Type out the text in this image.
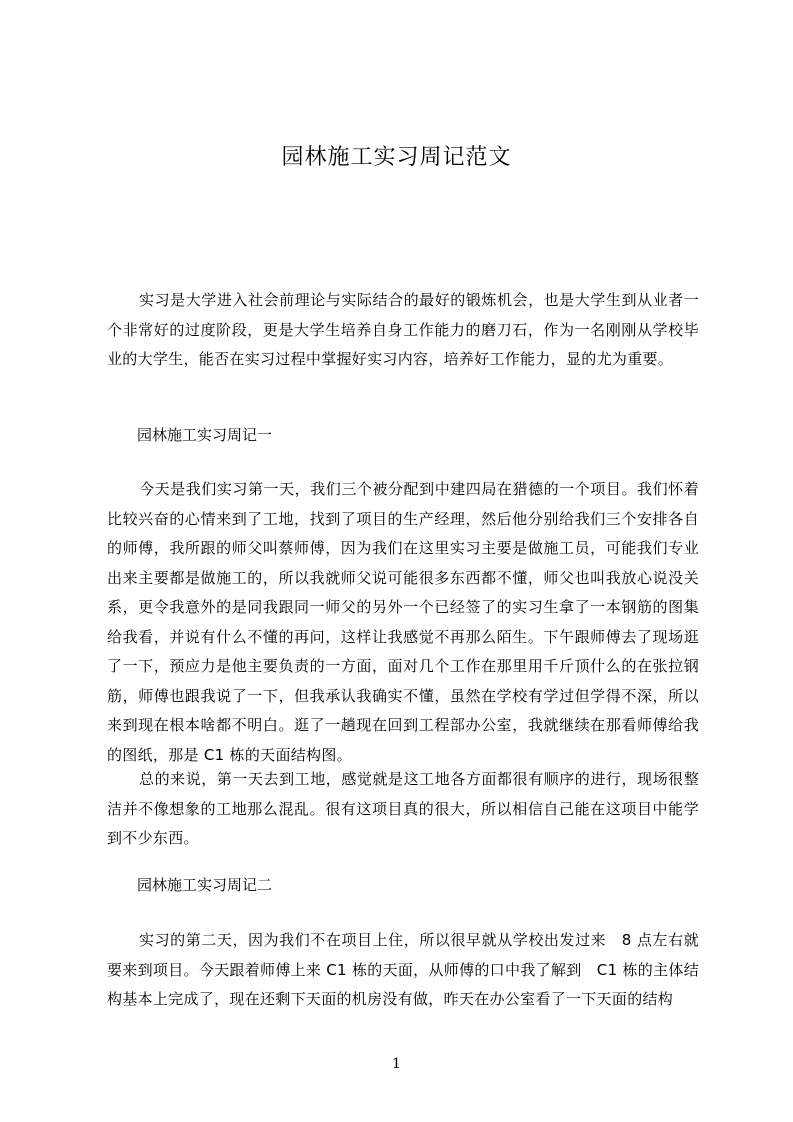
园林施工实习周记范文

实习是大学进入社会前理论与实际结合的最好的锻炼机会，也是大学生到从业者一个非常好的过度阶段，更是大学生培养自身工作能力的磨刀石，作为一名刚刚从学校毕业的大学生，能否在实习过程中掌握好实习内容，培养好工作能力，显的尤为重要。

园林施工实习周记一

今天是我们实习第一天，我们三个被分配到中建四局在猎德的一个项目。我们怀着比较兴奋的心情来到了工地，找到了项目的生产经理，然后他分别给我们三个安排各自的师傅，我所跟的师父叫蔡师傅，因为我们在这里实习主要是做施工员，可能我们专业出来主要都是做施工的，所以我就师父说可能很多东西都不懂，师父也叫我放心说没关系，更令我意外的是同我跟同一师父的另外一个已经签了的实习生拿了一本钢筋的图集给我看，并说有什么不懂的再问，这样让我感觉不再那么陌生。下午跟师傅去了现场逛了一下，预应力是他主要负责的一方面，面对几个工作在那里用千斤顶什么的在张拉钢筋，师傅也跟我说了一下，但我承认我确实不懂，虽然在学校有学过但学得不深，所以来到现在根本啥都不明白。逛了一趟现在回到工程部办公室，我就继续在那看师傅给我的图纸，那是 C1 栋的天面结构图。

总的来说，第一天去到工地，感觉就是这工地各方面都很有顺序的进行，现场很整洁并不像想象的工地那么混乱。很有这项目真的很大，所以相信自己能在这项目中能学到不少东西。

园林施工实习周记二

实习的第二天，因为我们不在项目上住，所以很早就从学校出发过来　8 点左右就要来到项目。今天跟着师傅上来 C1 栋的天面，从师傅的口中我了解到　C1 栋的主体结构基本上完成了，现在还剩下天面的机房没有做，昨天在办公室看了一下天面的结构

1
